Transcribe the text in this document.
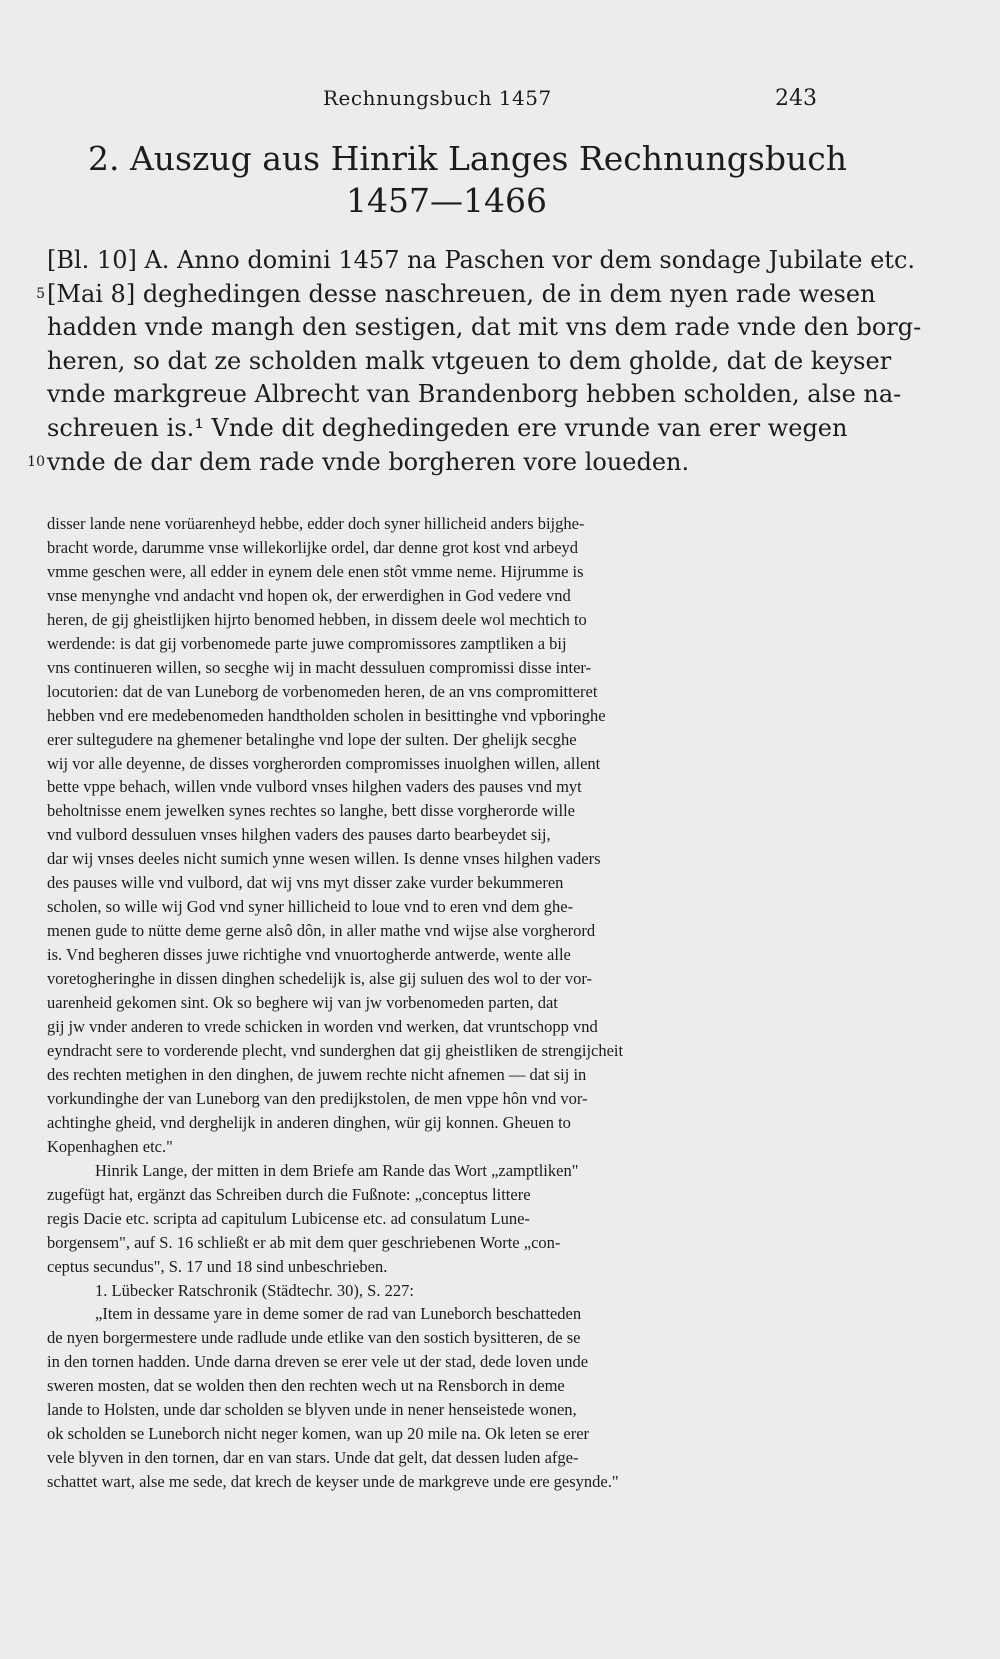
Rechnungsbuch 1457	243

2. Auszug aus Hinrik Langes Rechnungsbuch

1457—1466

[Bl. 10] A. Anno domini 1457 na Paschen vor dem sondage Jubilate etc.
5 [Mai 8] deghedingen desse naschreuen, de in dem nyen rade wesen
hadden vnde mangh den sestigen, dat mit vns dem rade vnde den borg-
heren, so dat ze scholden malk vtgeuen to dem gholde, dat de keyser
vnde markgreue Albrecht van Brandenborg hebben scholden, alse na-
schreuen is.¹ Vnde dit deghedingeden ere vrunde van erer wegen
10 vnde de dar dem rade vnde borgheren vore loueden.
disser lande nene vorüarenheyd hebbe, edder doch syner hillicheid anders bijghe-
bracht worde, darumme vnse willekorlijke ordel, dar denne grot kost vnd arbeyd
vmme geschen were, all edder in eynem dele enen stôt vmme neme. Hijrumme is
vnse menynghe vnd andacht vnd hopen ok, der erwerdighen in God vedere vnd
heren, de gij gheistlijken hijrto benomed hebben, in dissem deele wol mechtich to
werdende: is dat gij vorbenomede parte juwe compromissores zamptliken a bij
vns continueren willen, so secghe wij in macht dessuluen compromissi disse inter-
locutorien: dat de van Luneborg de vorbenomeden heren, de an vns compromitteret
hebben vnd ere medebenomeden handtholden scholen in besittinghe vnd vpboringhe
erer sultegudere na ghemener betalinghe vnd lope der sulten. Der ghelijk secghe
wij vor alle deyenne, de disses vorgherorden compromisses inuolghen willen, allent
bette vppe behach, willen vnde vulbord vnses hilghen vaders des pauses vnd myt
beholtnisse enem jewelken synes rechtes so langhe, bett disse vorgherorde wille
vnd vulbord dessuluen vnses hilghen vaders des pauses darto bearbeydet sij,
dar wij vnses deeles nicht sumich ynne wesen willen. Is denne vnses hilghen vaders
des pauses wille vnd vulbord, dat wij vns myt disser zake vurder bekummeren
scholen, so wille wij God vnd syner hillicheid to loue vnd to eren vnd dem ghe-
menen gude to nütte deme gerne alsô dôn, in aller mathe vnd wijse alse vorgherord
is. Vnd begheren disses juwe richtighe vnd vnuortogherde antwerde, wente alle
voretogheringhe in dissen dinghen schedelijk is, alse gij suluen des wol to der vor-
uarenheid gekomen sint. Ok so beghere wij van jw vorbenomeden parten, dat
gij jw vnder anderen to vrede schicken in worden vnd werken, dat vruntschopp vnd
eyndracht sere to vorderende plecht, vnd sunderghen dat gij gheistliken de strengijcheit
des rechten metighen in den dinghen, de juwem rechte nicht afnemen — dat sij in
vorkundinghe der van Luneborg van den predijkstolen, de men vppe hôn vnd vor-
achtinghe gheid, vnd derghelijk in anderen dinghen, wür gij konnen. Gheuen to
Kopenhaghen etc."
Hinrik Lange, der mitten in dem Briefe am Rande das Wort „zamptliken"
zugefügt hat, ergänzt das Schreiben durch die Fußnote: „conceptus littere
regis Dacie etc. scripta ad capitulum Lubicense etc. ad consulatum Lune-
borgensem", auf S. 16 schließt er ab mit dem quer geschriebenen Worte „con-
ceptus secundus", S. 17 und 18 sind unbeschrieben.
1. Lübecker Ratschronik (Städtechr. 30), S. 227:
„Item in dessame yare in deme somer de rad van Luneborch beschatteden
de nyen borgermestere unde radlude unde etlike van den sostich bysitteren, de se
in den tornen hadden. Unde darna dreven se erer vele ut der stad, dede loven unde
sweren mosten, dat se wolden then den rechten wech ut na Rensborch in deme
lande to Holsten, unde dar scholden se blyven unde in nener henseistede wonen,
ok scholden se Luneborch nicht neger komen, wan up 20 mile na. Ok leten se erer
vele blyven in den tornen, dar en van stars. Unde dat gelt, dat dessen luden afge-
schattet wart, alse me sede, dat krech de keyser unde de markgreve unde ere gesynde."
